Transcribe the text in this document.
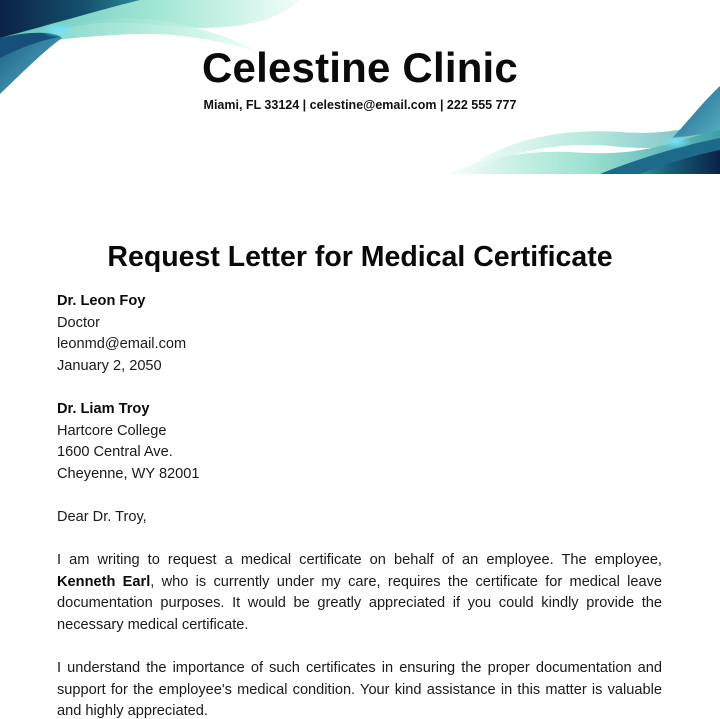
Celestine Clinic
Miami, FL 33124 | celestine@email.com | 222 555 777
Request Letter for Medical Certificate
Dr. Leon Foy
Doctor
leonmd@email.com
January 2, 2050
Dr. Liam Troy
Hartcore College
1600 Central Ave.
Cheyenne, WY 82001
Dear Dr. Troy,

I am writing to request a medical certificate on behalf of an employee. The employee, Kenneth Earl, who is currently under my care, requires the certificate for medical leave documentation purposes. It would be greatly appreciated if you could kindly provide the necessary medical certificate.

I understand the importance of such certificates in ensuring the proper documentation and support for the employee's medical condition. Your kind assistance in this matter is valuable and highly appreciated.
